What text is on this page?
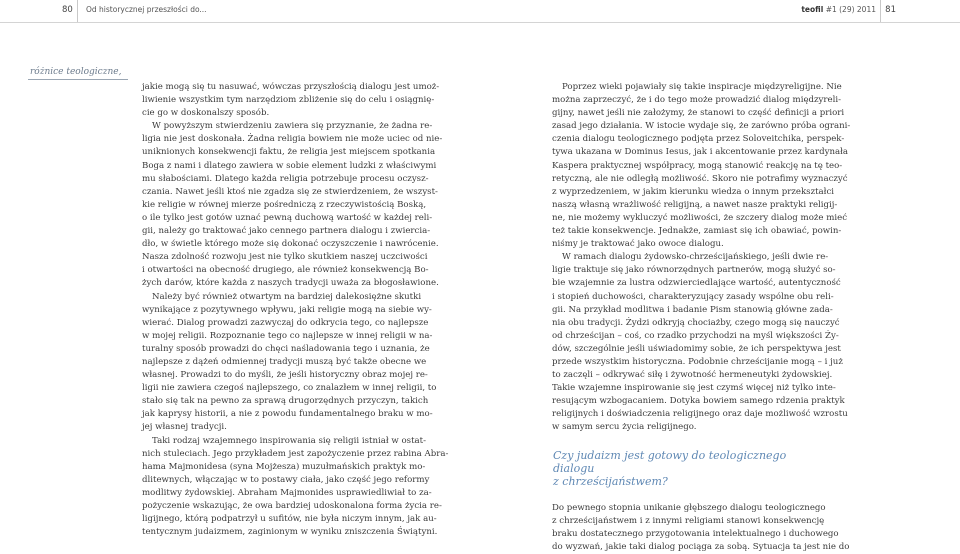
80 Od historycznej przeszłości do...	teofil #1 (29) 2011 81
różnice teologiczne,
jakie mogą się tu nasuwać, wówczas przyszłością dialogu jest umoż-
liwienie wszystkim tym narzędziom zbliżenie się do celu i osiągnię-
cie go w doskonalszy sposób.
W powyższym stwierdzeniu zawiera się przyznanie, że żadna re-
ligia nie jest doskonała. Żadna religia bowiem nie może uciec od nie-
uniknionych konsekwencji faktu, że religia jest miejscem spotkania
Boga z nami i dlatego zawiera w sobie element ludzki z właściwymi
mu słabościami. Dlatego każda religia potrzebuje procesu oczysz-
czania. Nawet jeśli ktoś nie zgadza się ze stwierdzeniem, że wszyst-
kie religie w równej mierze pośredniczą z rzeczywistością Boską,
o ile tylko jest gotów uznać pewną duchową wartość w każdej reli-
gii, należy go traktować jako cennego partnera dialogu i zwiercia-
dło, w świetle którego może się dokonać oczyszczenie i nawrócenie.
Nasza zdolność rozwoju jest nie tylko skutkiem naszej uczciwości
i otwartości na obecność drugiego, ale również konsekwencją Bo-
żych darów, które każda z naszych tradycji uważa za błogosławione.
Należy być również otwartym na bardziej dalekosiężne skutki
wynikające z pozytywnego wpływu, jaki religie mogą na siebie wy-
wierać. Dialog prowadzi zazwyczaj do odkrycia tego, co najlepsze
w mojej religii. Rozpoznanie tego co najlepsze w innej religii w na-
turalny sposób prowadzi do chęci naśladowania tego i uznania, że
najlepsze z dążeń odmiennej tradycji muszą być także obecne we
własnej. Prowadzi to do myśli, że jeśli historyczny obraz mojej re-
ligii nie zawiera czegoś najlepszego, co znalazłem w innej religii, to
stało się tak na pewno za sprawą drugorzędnych przyczyn, takich
jak kaprysy historii, a nie z powodu fundamentalnego braku w mo-
jej własnej tradycji.
Taki rodzaj wzajemnego inspirowania się religii istniał w ostat-
nich stuleciach. Jego przykładem jest zapożyczenie przez rabina Abra-
hama Majmonidesa (syna Mojżesza) muzułmańskich praktyk mo-
dlitewnych, włączając w to postawy ciała, jako część jego reformy
modlitwy żydowskiej. Abraham Majmonides usprawiedliwiał to za-
pożyczenie wskazując, że owa bardziej udoskonalona forma życia re-
ligijnego, którą podpatrzył u sufitów, nie była niczym innym, jak au-
tentycznym judaizmem, zaginionym w wyniku zniszczenia Świątyni.
Poprzez wieki pojawiały się takie inspiracje międzyreligijne. Nie
można zaprzeczyć, że i do tego może prowadzić dialog międzyreli-
gijny, nawet jeśli nie założymy, że stanowi to część definicji a priori
zasad jego działania. W istocie wydaje się, że zarówno próba ograni-
czenia dialogu teologicznego podjęta przez Soloveitchika, perspek-
tywa ukazana w Dominus Iesus, jak i akcentowanie przez kardynała
Kaspera praktycznej współpracy, mogą stanowić reakcję na tę teo-
retyczną, ale nie odległą możliwość. Skoro nie potrafimy wyznaczyć
z wyprzedzeniem, w jakim kierunku wiedza o innym przekształci
naszą własną wrażliwość religijną, a nawet nasze praktyki religij-
ne, nie możemy wykluczyć możliwości, że szczery dialog może mieć
też takie konsekwencje. Jednakże, zamiast się ich obawiać, powin-
niśmy je traktować jako owoce dialogu.
W ramach dialogu żydowsko-chrześcijańskiego, jeśli dwie re-
ligie traktuje się jako równorzędnych partnerów, mogą służyć so-
bie wzajemnie za lustra odzwierciedlające wartość, autentyczność
i stopień duchowości, charakteryzujący zasady wspólne obu reli-
gii. Na przykład modlitwa i badanie Pism stanowią główne zada-
nia obu tradycji. Żydzi odkryją chociażby, czego mogą się nauczyć
od chrześcijan – coś, co rzadko przychodzi na myśl większości Ży-
dów, szczególnie jeśli uświadomimy sobie, że ich perspektywa jest
przede wszystkim historyczna. Podobnie chrześcijanie mogą – i już
to zaczęli – odkrywać siłę i żywotność hermeneutyki żydowskiej.
Takie wzajemne inspirowanie się jest czymś więcej niż tylko inte-
resującym wzbogacaniem. Dotyka bowiem samego rdzenia praktyk
religijnych i doświadczenia religijnego oraz daje możliwość wzrostu
w samym sercu życia religijnego.
Czy judaizm jest gotowy do teologicznego dialogu
z chrześcijaństwem?
Do pewnego stopnia unikanie głębszego dialogu teologicznego
z chrześcijaństwem i z innymi religiami stanowi konsekwencję
braku dostatecznego przygotowania intelektualnego i duchowego
do wyzwań, jakie taki dialog pociąga za sobą. Sytuacja ta jest nie do
